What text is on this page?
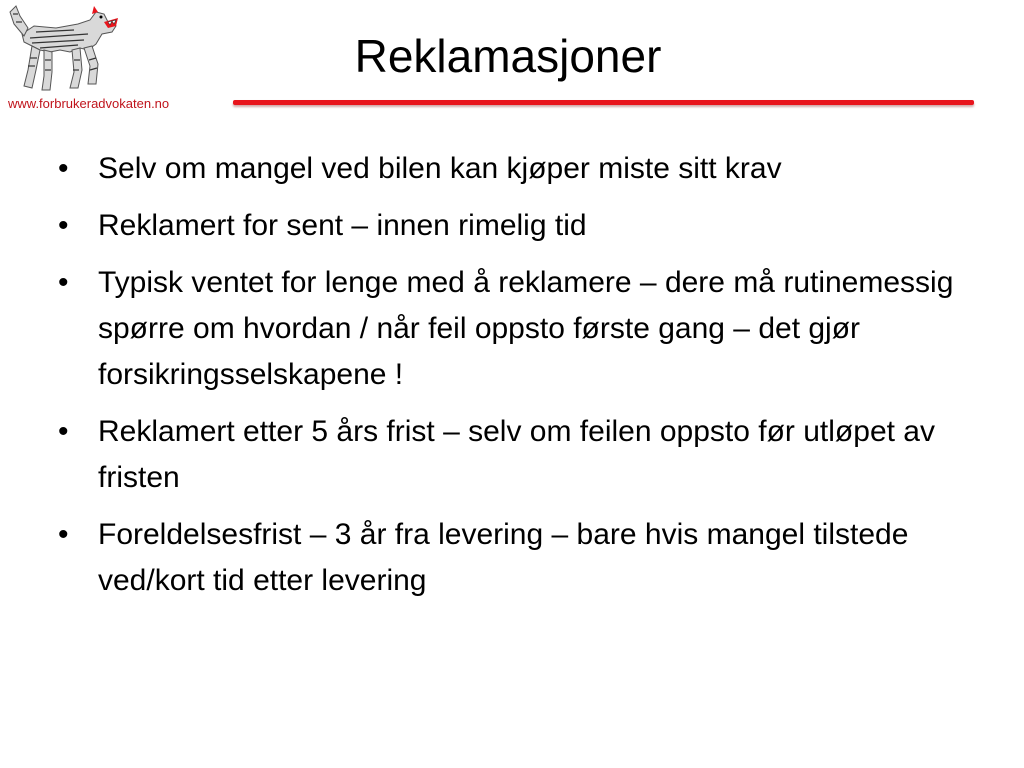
www.forbrukeradvokaten.no
Reklamasjoner
• Selv om mangel ved bilen kan kjøper miste sitt krav
• Reklamert for sent – innen rimelig tid
• Typisk ventet for lenge med å reklamere – dere må rutinemessig spørre om hvordan / når feil oppsto første gang – det gjør forsikringsselskapene !
• Reklamert etter 5 års frist – selv om feilen oppsto før utløpet av fristen
• Foreldelsesfrist – 3 år fra levering – bare hvis mangel tilstede ved/kort tid etter levering
